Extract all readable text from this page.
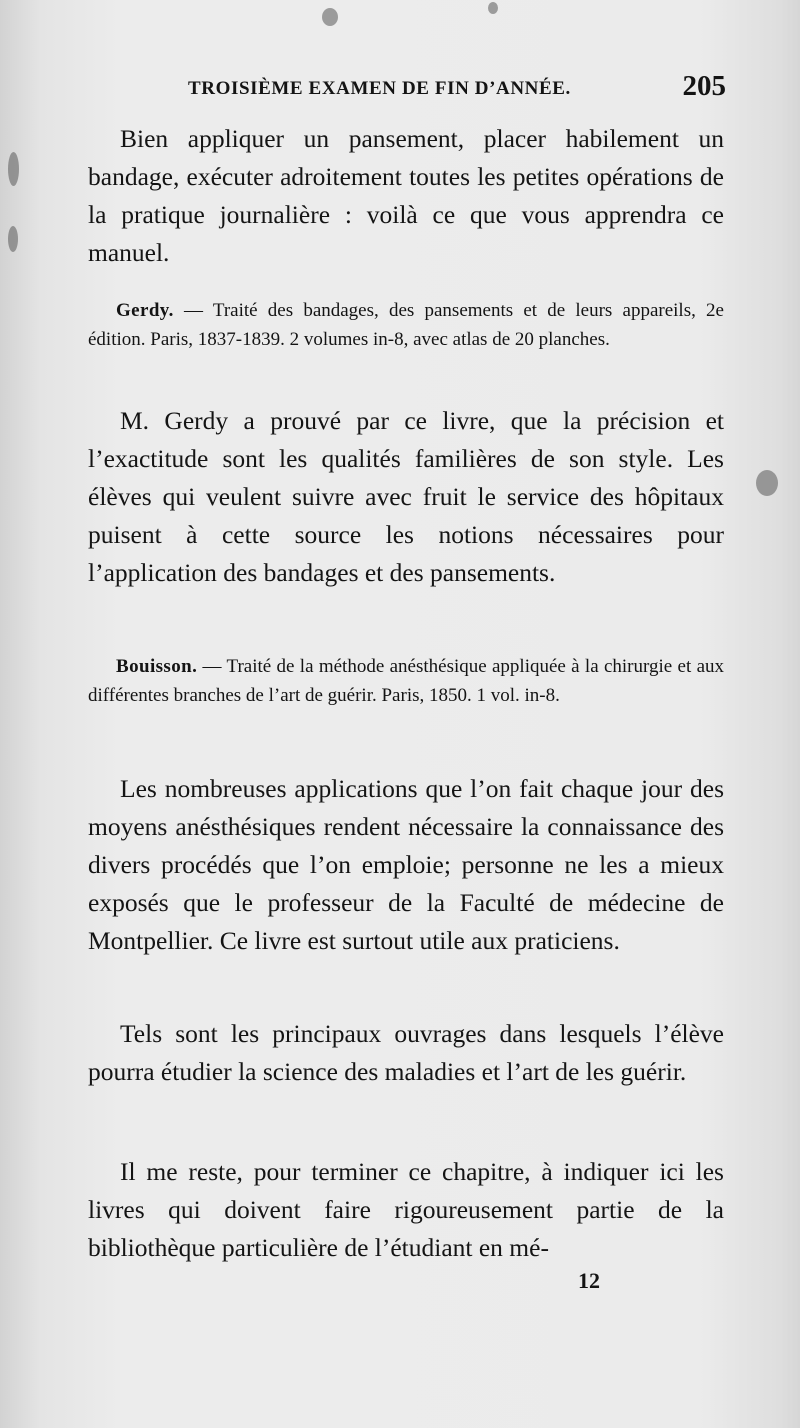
TROISIÈME EXAMEN DE FIN D’ANNÉE.	205

Bien appliquer un pansement, placer habilement un bandage, exécuter adroitement toutes les petites opérations de la pratique journalière : voilà ce que vous apprendra ce manuel.

Gerdy. — Traité des bandages, des pansements et de leurs appareils, 2e édition. Paris, 1837-1839. 2 volumes in-8, avec atlas de 20 planches.

M. Gerdy a prouvé par ce livre, que la précision et l’exactitude sont les qualités familières de son style. Les élèves qui veulent suivre avec fruit le service des hôpitaux puisent à cette source les notions nécessaires pour l’application des bandages et des pansements.

Bouisson. — Traité de la méthode anésthésique appliquée à la chirurgie et aux différentes branches de l’art de guérir. Paris, 1850. 1 vol. in-8.

Les nombreuses applications que l’on fait chaque jour des moyens anésthésiques rendent nécessaire la connaissance des divers procédés que l’on emploie; personne ne les a mieux exposés que le professeur de la Faculté de médecine de Montpellier. Ce livre est surtout utile aux praticiens.

Tels sont les principaux ouvrages dans lesquels l’élève pourra étudier la science des maladies et l’art de les guérir.

Il me reste, pour terminer ce chapitre, à indiquer ici les livres qui doivent faire rigoureusement partie de la bibliothèque particulière de l’étudiant en mé-

12
